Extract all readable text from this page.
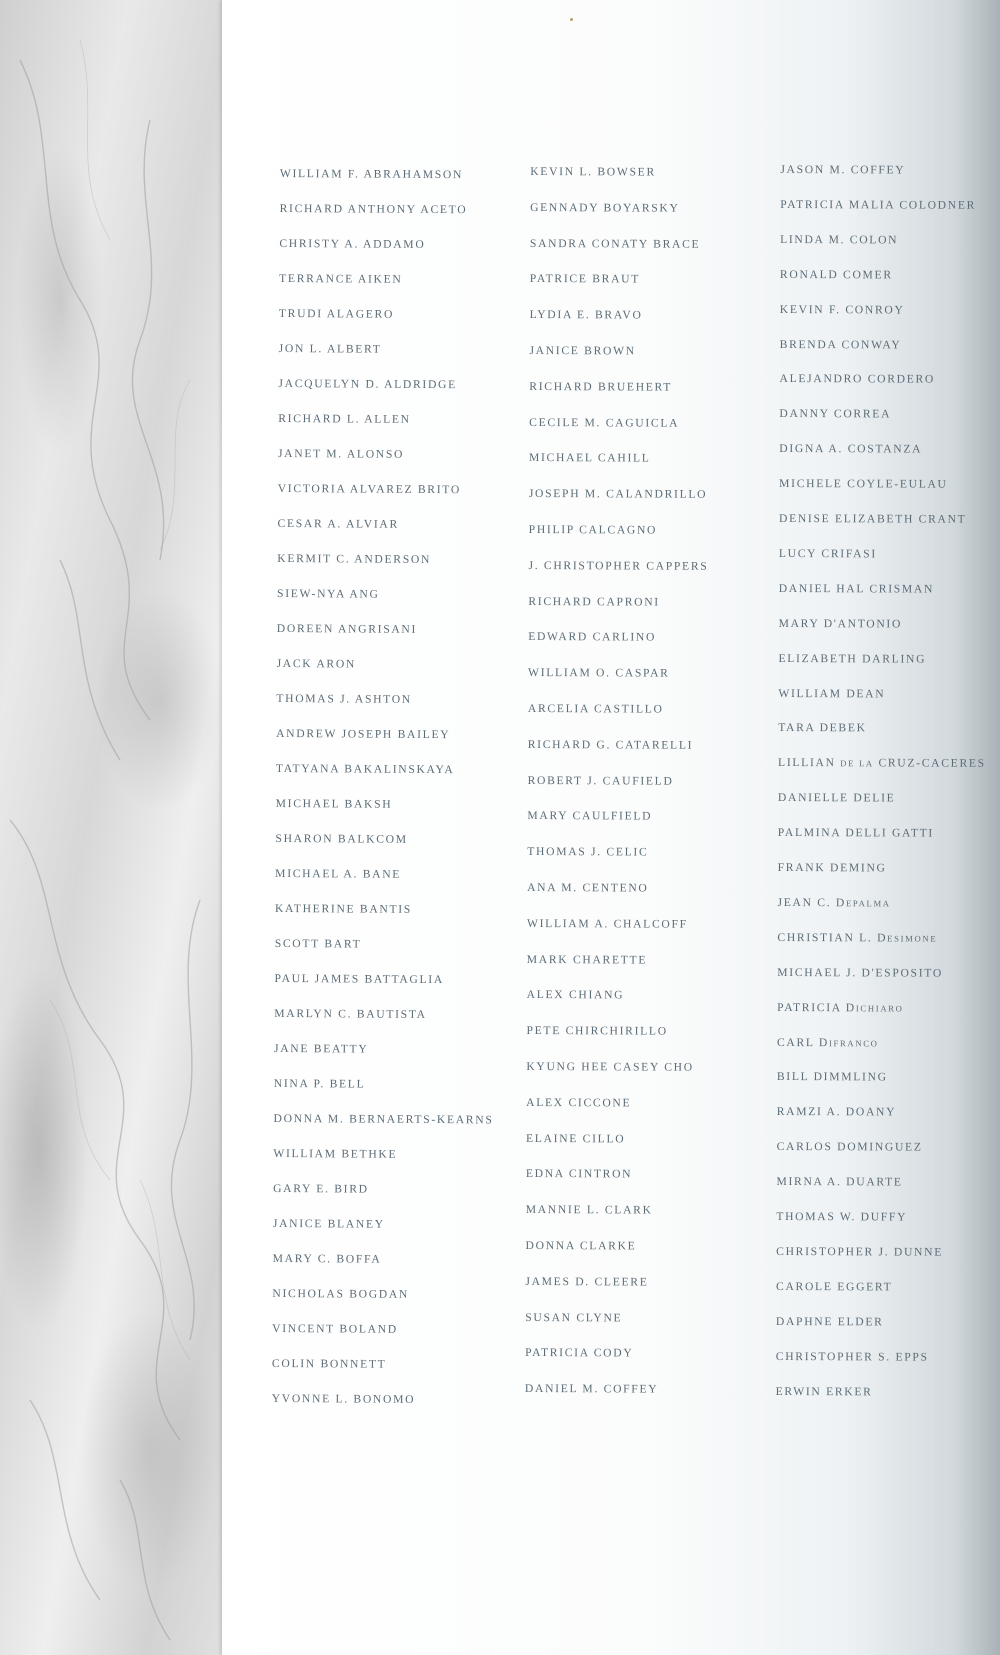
WILLIAM F. ABRAHAMSON
RICHARD ANTHONY ACETO
CHRISTY A. ADDAMO
TERRANCE AIKEN
TRUDI ALAGERO
JON L. ALBERT
JACQUELYN D. ALDRIDGE
RICHARD L. ALLEN
JANET M. ALONSO
VICTORIA ALVAREZ BRITO
CESAR A. ALVIAR
KERMIT C. ANDERSON
SIEW-NYA ANG
DOREEN ANGRISANI
JACK ARON
THOMAS J. ASHTON
ANDREW JOSEPH BAILEY
TATYANA BAKALINSKAYA
MICHAEL BAKSH
SHARON BALKCOM
MICHAEL A. BANE
KATHERINE BANTIS
SCOTT BART
PAUL JAMES BATTAGLIA
MARLYN C. BAUTISTA
JANE BEATTY
NINA P. BELL
DONNA M. BERNAERTS-KEARNS
WILLIAM BETHKE
GARY E. BIRD
JANICE BLANEY
MARY C. BOFFA
NICHOLAS BOGDAN
VINCENT BOLAND
COLIN BONNETT
YVONNE L. BONOMO
KEVIN L. BOWSER
GENNADY BOYARSKY
SANDRA CONATY BRACE
PATRICE BRAUT
LYDIA E. BRAVO
JANICE BROWN
RICHARD BRUEHERT
CECILE M. CAGUICLA
MICHAEL CAHILL
JOSEPH M. CALANDRILLO
PHILIP CALCAGNO
J. CHRISTOPHER CAPPERS
RICHARD CAPRONI
EDWARD CARLINO
WILLIAM O. CASPAR
ARCELIA CASTILLO
RICHARD G. CATARELLI
ROBERT J. CAUFIELD
MARY CAULFIELD
THOMAS J. CELIC
ANA M. CENTENO
WILLIAM A. CHALCOFF
MARK CHARETTE
ALEX CHIANG
PETE CHIRCHIRILLO
KYUNG HEE CASEY CHO
ALEX CICCONE
ELAINE CILLO
EDNA CINTRON
MANNIE L. CLARK
DONNA CLARKE
JAMES D. CLEERE
SUSAN CLYNE
PATRICIA CODY
DANIEL M. COFFEY
JASON M. COFFEY
PATRICIA MALIA COLODNER
LINDA M. COLON
RONALD COMER
KEVIN F. CONROY
BRENDA CONWAY
ALEJANDRO CORDERO
DANNY CORREA
DIGNA A. COSTANZA
MICHELE COYLE-EULAU
DENISE ELIZABETH CRANT
LUCY CRIFASI
DANIEL HAL CRISMAN
MARY D'ANTONIO
ELIZABETH DARLING
WILLIAM DEAN
TARA DEBEK
LILLIAN DE LA CRUZ-CACERES
DANIELLE DELIE
PALMINA DELLI GATTI
FRANK DEMING
JEAN C. DEPALMA
CHRISTIAN L. DESIMONE
MICHAEL J. D'ESPOSITO
PATRICIA DICHIARO
CARL DIFRANCO
BILL DIMMLING
RAMZI A. DOANY
CARLOS DOMINGUEZ
MIRNA A. DUARTE
THOMAS W. DUFFY
CHRISTOPHER J. DUNNE
CAROLE EGGERT
DAPHNE ELDER
CHRISTOPHER S. EPPS
ERWIN ERKER
